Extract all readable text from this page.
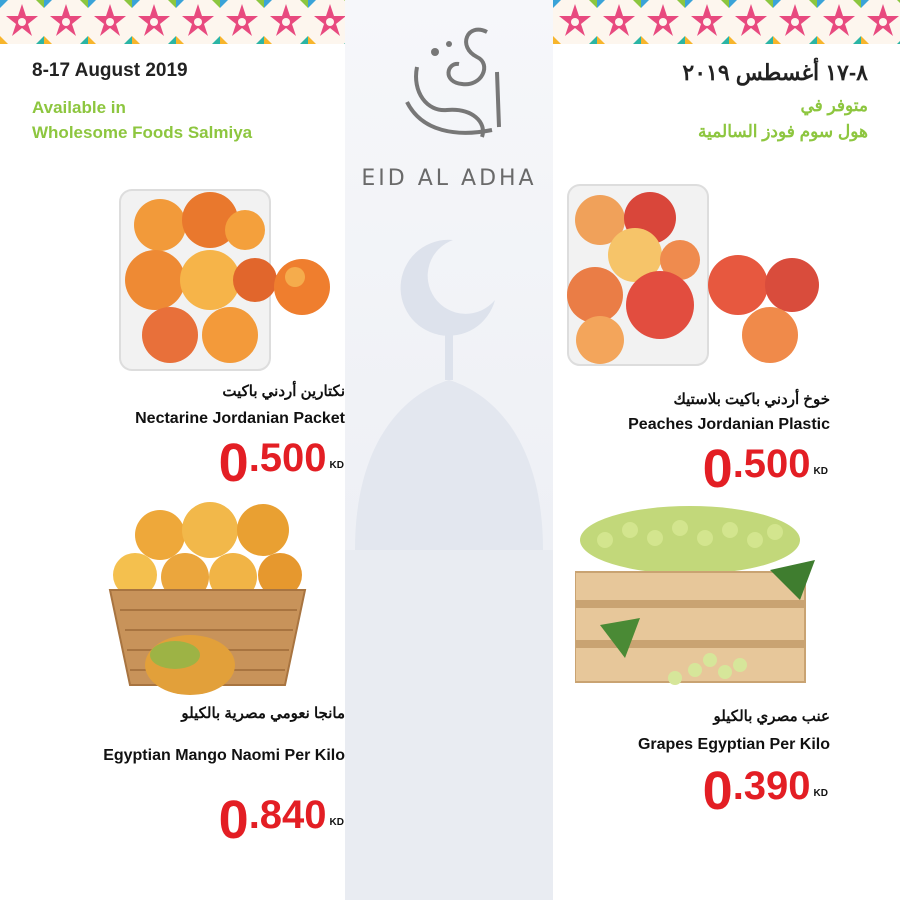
EID AL ADHA
8-17 August 2019
Available in
Wholesome Foods Salmiya
٨-١٧ أغسطس ٢٠١٩
متوفر في
هول سوم فودز السالمية
نكتارين أردني باكيت
Nectarine Jordanian Packet
0 .500 KD
خوخ أردني باكيت بلاستيك
Peaches Jordanian Plastic
0 .500 KD
مانجا نعومي مصرية بالكيلو
Egyptian Mango Naomi Per Kilo
0 .840 KD
عنب مصري بالكيلو
Grapes Egyptian Per Kilo
0 .390 KD
